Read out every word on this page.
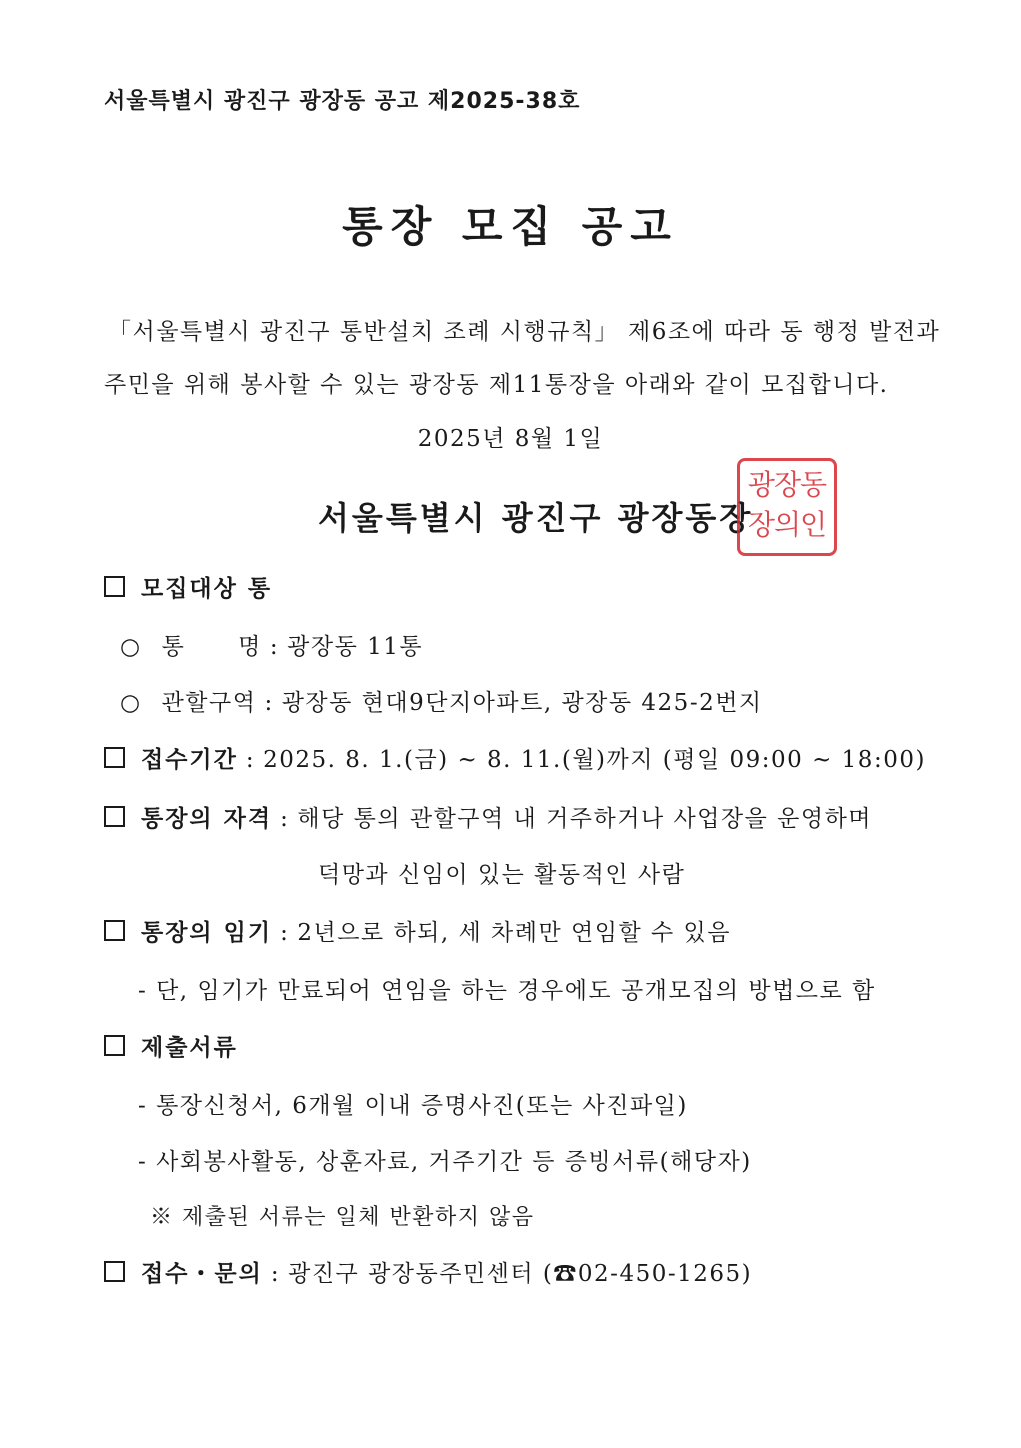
서울특별시 광진구 광장동 공고 제2025-38호
통장 모집 공고
「서울특별시 광진구 통반설치 조례 시행규칙」 제6조에 따라 동 행정 발전과
주민을 위해 봉사할 수 있는 광장동 제11통장을 아래와 같이 모집합니다.
2025년 8월 1일
서울특별시 광진구 광장동장
광장동
장의인
모집대상 통
○ 통      명 : 광장동 11통
○ 관할구역 : 광장동 현대9단지아파트, 광장동 425-2번지
접수기간 : 2025. 8. 1.(금) ~ 8. 11.(월)까지 (평일 09:00 ~ 18:00)
통장의 자격 : 해당 통의 관할구역 내 거주하거나 사업장을 운영하며
덕망과 신임이 있는 활동적인 사람
통장의 임기 : 2년으로 하되, 세 차례만 연임할 수 있음
- 단, 임기가 만료되어 연임을 하는 경우에도 공개모집의 방법으로 함
제출서류
- 통장신청서, 6개월 이내 증명사진(또는 사진파일)
- 사회봉사활동, 상훈자료, 거주기간 등 증빙서류(해당자)
※ 제출된 서류는 일체 반환하지 않음
접수・문의 : 광진구 광장동주민센터 (☎02-450-1265)
